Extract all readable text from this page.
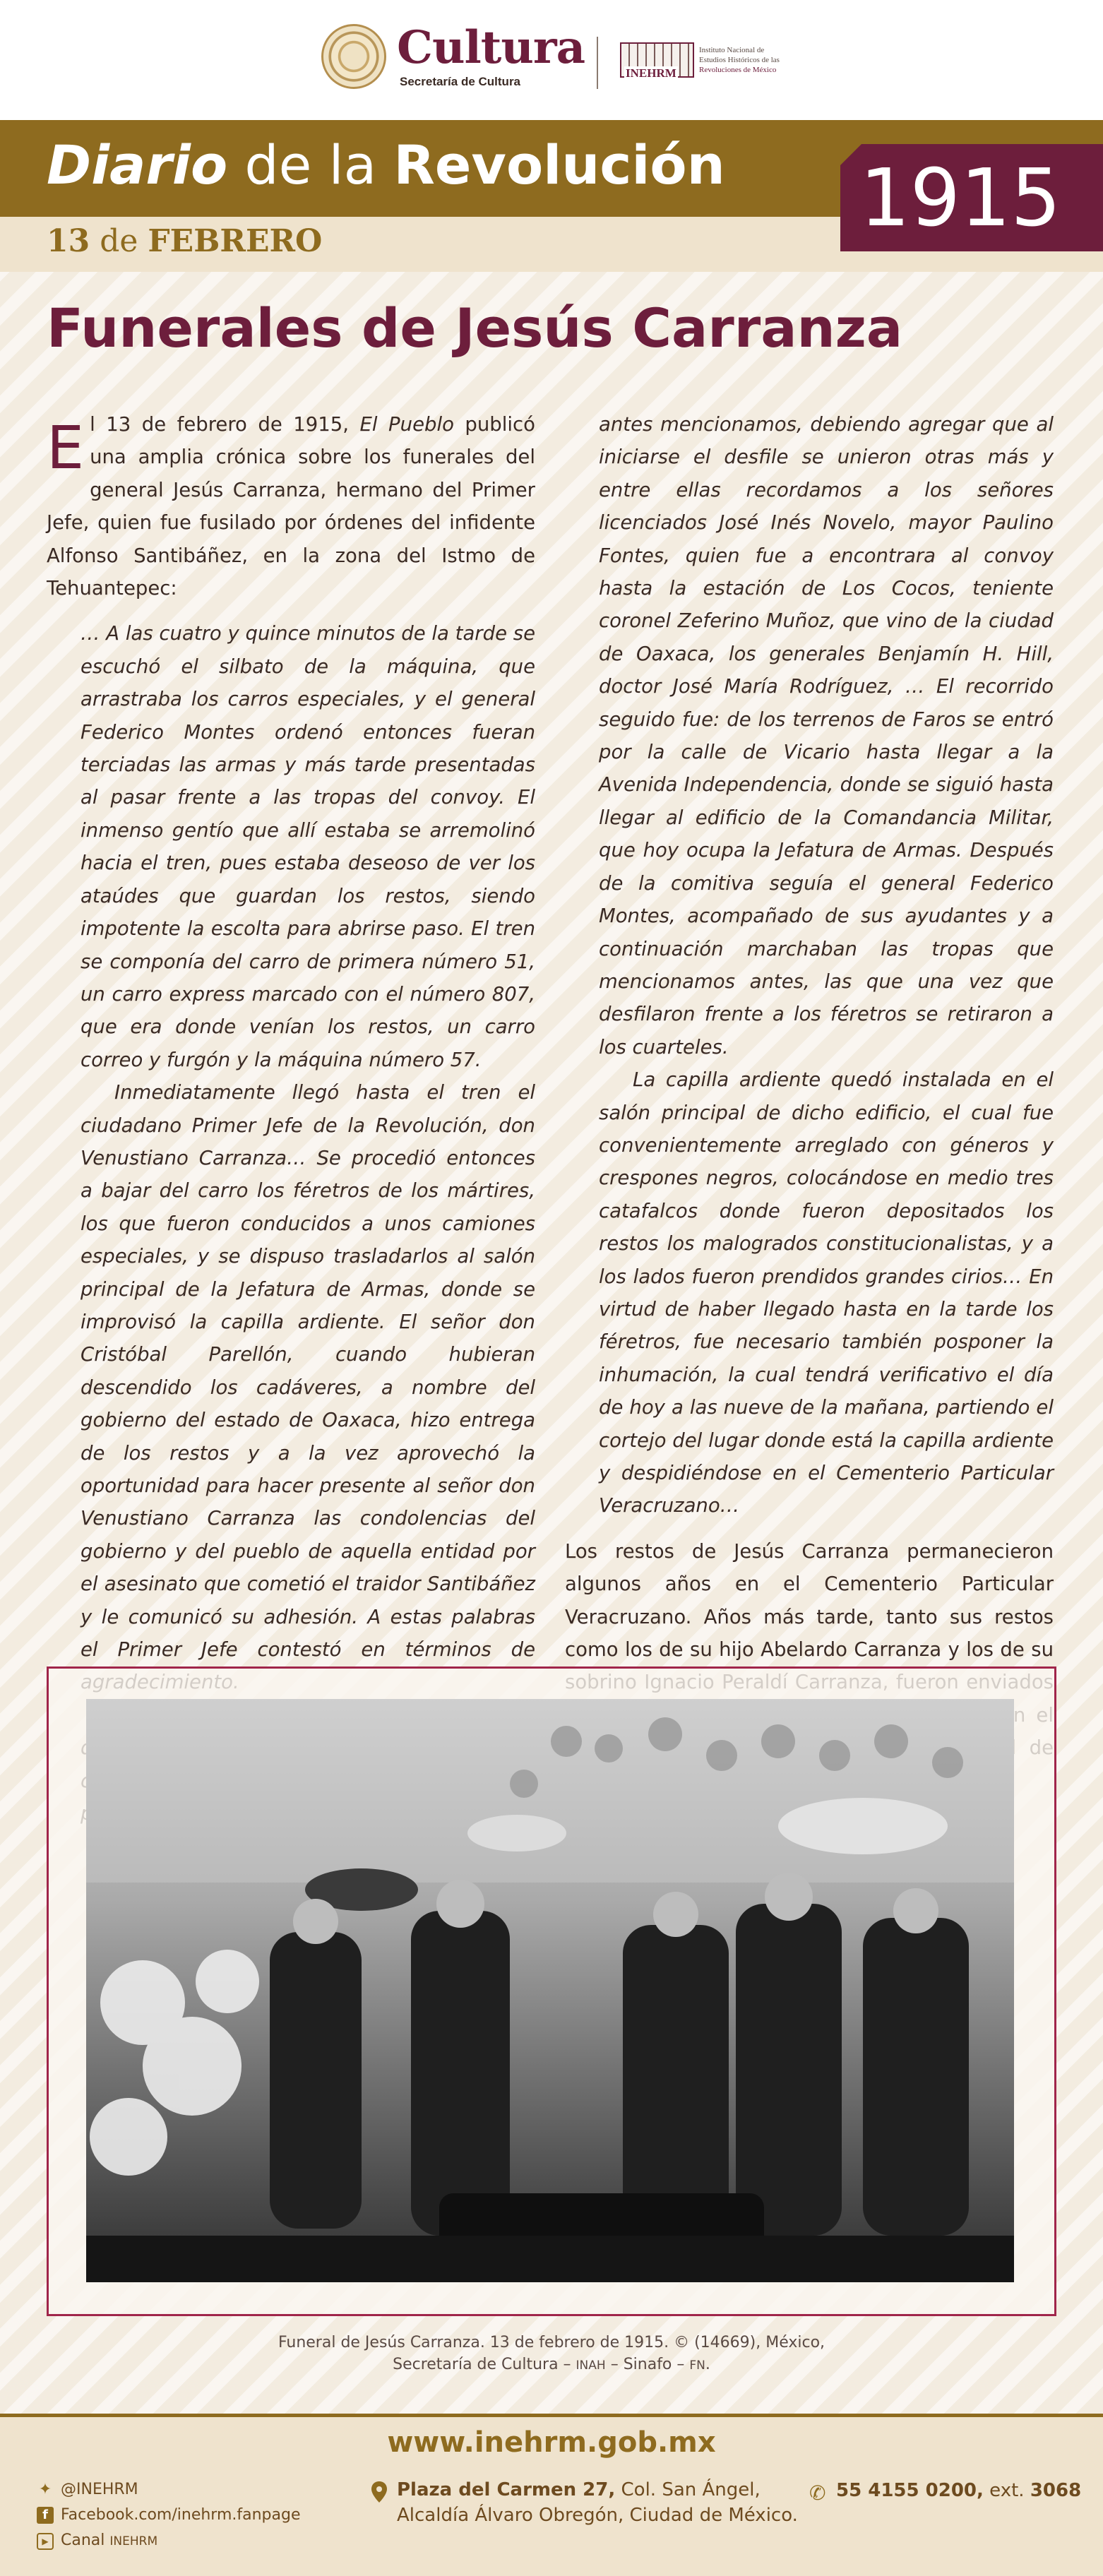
Cultura
Secretaría de Cultura
INEHRM
Instituto Nacional de
Estudios Históricos de las
Revoluciones de México
Diario de la Revolución
13 de FEBRERO	1915
Funerales de Jesús Carranza

El 13 de febrero de 1915, El Pueblo publicó una amplia crónica sobre los funerales del general Jesús Carranza, hermano del Primer Jefe, quien fue fusilado por órdenes del infidente Alfonso Santibáñez, en la zona del Istmo de Tehuantepec:

… A las cuatro y quince minutos de la tarde se escuchó el silbato de la máquina, que arrastraba los carros especiales, y el general Federico Montes ordenó entonces fueran terciadas las armas y más tarde presentadas al pasar frente a las tropas del convoy. El inmenso gentío que allí estaba se arremolinó hacia el tren, pues estaba deseoso de ver los ataúdes que guardan los restos, siendo impotente la escolta para abrirse paso. El tren se componía del carro de primera número 51, un carro express marcado con el número 807, que era donde venían los restos, un carro correo y furgón y la máquina número 57.

Inmediatamente llegó hasta el tren el ciudadano Primer Jefe de la Revolución, don Venustiano Carranza… Se procedió entonces a bajar del carro los féretros de los mártires, los que fueron conducidos a unos camiones especiales, y se dispuso trasladarlos al salón principal de la Jefatura de Armas, donde se improvisó la capilla ardiente. El señor don Cristóbal Parellón, cuando hubieran descendido los cadáveres, a nombre del gobierno del estado de Oaxaca, hizo entrega de los restos y a la vez aprovechó la oportunidad para hacer presente al señor don Venustiano Carranza las condolencias del gobierno y del pueblo de aquella entidad por el asesinato que cometió el traidor Santibáñez y le comunicó su adhesión. A estas palabras el Primer Jefe contestó en términos de

antes mencionamos, debiendo agregar que al iniciarse el desfile se unieron otras más y entre ellas recordamos a los señores licenciados José Inés Novelo, mayor Paulino Fontes, quien fue a encontrara al convoy hasta la estación de Los Cocos, teniente coronel Zeferino Muñoz, que vino de la ciudad de Oaxaca, los generales Benjamín H. Hill, doctor José María Rodríguez, … El recorrido seguido fue: de los terrenos de Faros se entró por la calle de Vicario hasta llegar a la Avenida Independencia, donde se siguió hasta llegar al edificio de la Comandancia Militar, que hoy ocupa la Jefatura de Armas. Después de la comitiva seguía el general Federico Montes, acompañado de sus ayudantes y a continuación marchaban las tropas que mencionamos antes, las que una vez que desfilaron frente a los féretros se retiraron a los cuarteles.

La capilla ardiente quedó instalada en el salón principal de dicho edificio, el cual fue convenientemente arreglado con géneros y crespones negros, colocándose en medio tres catafalcos donde fueron depositados los restos los malogrados constitucionalistas, y a los lados fueron prendidos grandes cirios… En virtud de haber llegado hasta en la tarde los féretros, fue necesario también posponer la inhumación, la cual tendrá verificativo el día de hoy a las nueve de la mañana, partiendo el cortejo del lugar donde está la capilla ardiente y despidiéndose en el Cementerio Particular Veracruzano…

Los restos de Jesús Carranza permanecieron algunos años en el Cementerio Particular Veracruzano. Años más tarde, tanto sus restos como los de su hijo Abelardo Carranza y los de su

Funeral de Jesús Carranza. 13 de febrero de 1915. © (14669), México,
Secretaría de Cultura – INAH – Sinafo – FN.
www.inehrm.gob.mx
✦ @INEHRM
f Facebook.com/inehrm.fanpage
▶ Canal INEHRM
Plaza del Carmen 27, Col. San Ángel,
Alcaldía Álvaro Obregón, Ciudad de México.
✆ 55 4155 0200, ext. 3068
